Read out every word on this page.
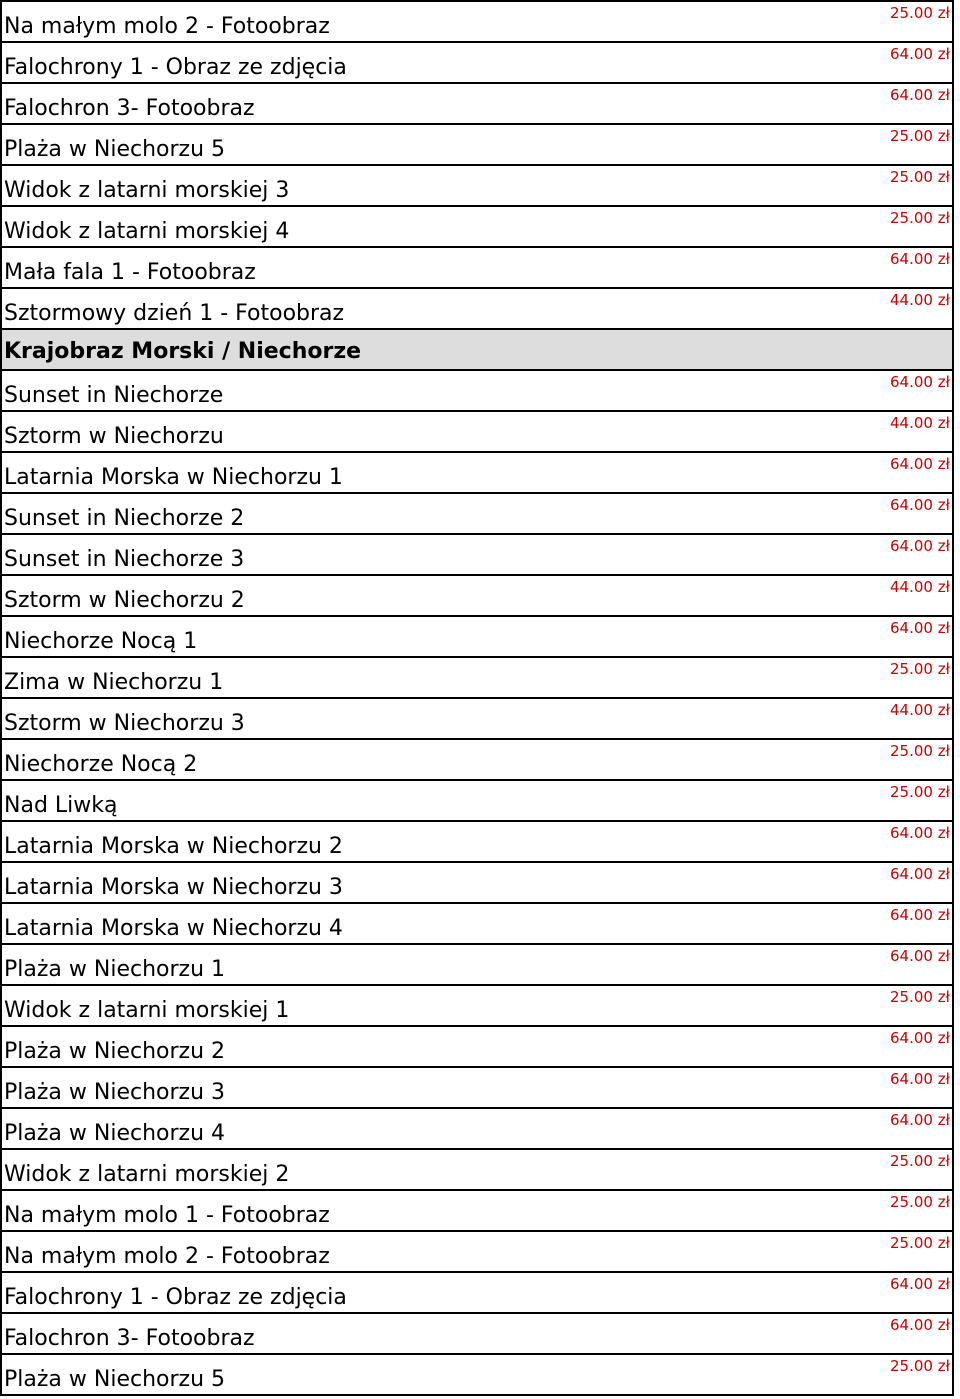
Na małym molo 2 - Fotoobraz
25.00 zł
Falochrony 1 - Obraz ze zdjęcia
64.00 zł
Falochron 3- Fotoobraz
64.00 zł
Plaża w Niechorzu 5
25.00 zł
Widok z latarni morskiej 3
25.00 zł
Widok z latarni morskiej 4
25.00 zł
Mała fala 1 - Fotoobraz
64.00 zł
Sztormowy dzień 1 - Fotoobraz
44.00 zł
Krajobraz Morski / Niechorze
Sunset in Niechorze
64.00 zł
Sztorm w Niechorzu
44.00 zł
Latarnia Morska w Niechorzu 1
64.00 zł
Sunset in Niechorze 2
64.00 zł
Sunset in Niechorze 3
64.00 zł
Sztorm w Niechorzu 2
44.00 zł
Niechorze Nocą 1
64.00 zł
Zima w Niechorzu 1
25.00 zł
Sztorm w Niechorzu 3
44.00 zł
Niechorze Nocą 2
25.00 zł
Nad Liwką
25.00 zł
Latarnia Morska w Niechorzu 2
64.00 zł
Latarnia Morska w Niechorzu 3
64.00 zł
Latarnia Morska w Niechorzu 4
64.00 zł
Plaża w Niechorzu 1
64.00 zł
Widok z latarni morskiej 1
25.00 zł
Plaża w Niechorzu 2
64.00 zł
Plaża w Niechorzu 3
64.00 zł
Plaża w Niechorzu 4
64.00 zł
Widok z latarni morskiej 2
25.00 zł
Na małym molo 1 - Fotoobraz
25.00 zł
Na małym molo 2 - Fotoobraz
25.00 zł
Falochrony 1 - Obraz ze zdjęcia
64.00 zł
Falochron 3- Fotoobraz
64.00 zł
Plaża w Niechorzu 5
25.00 zł
